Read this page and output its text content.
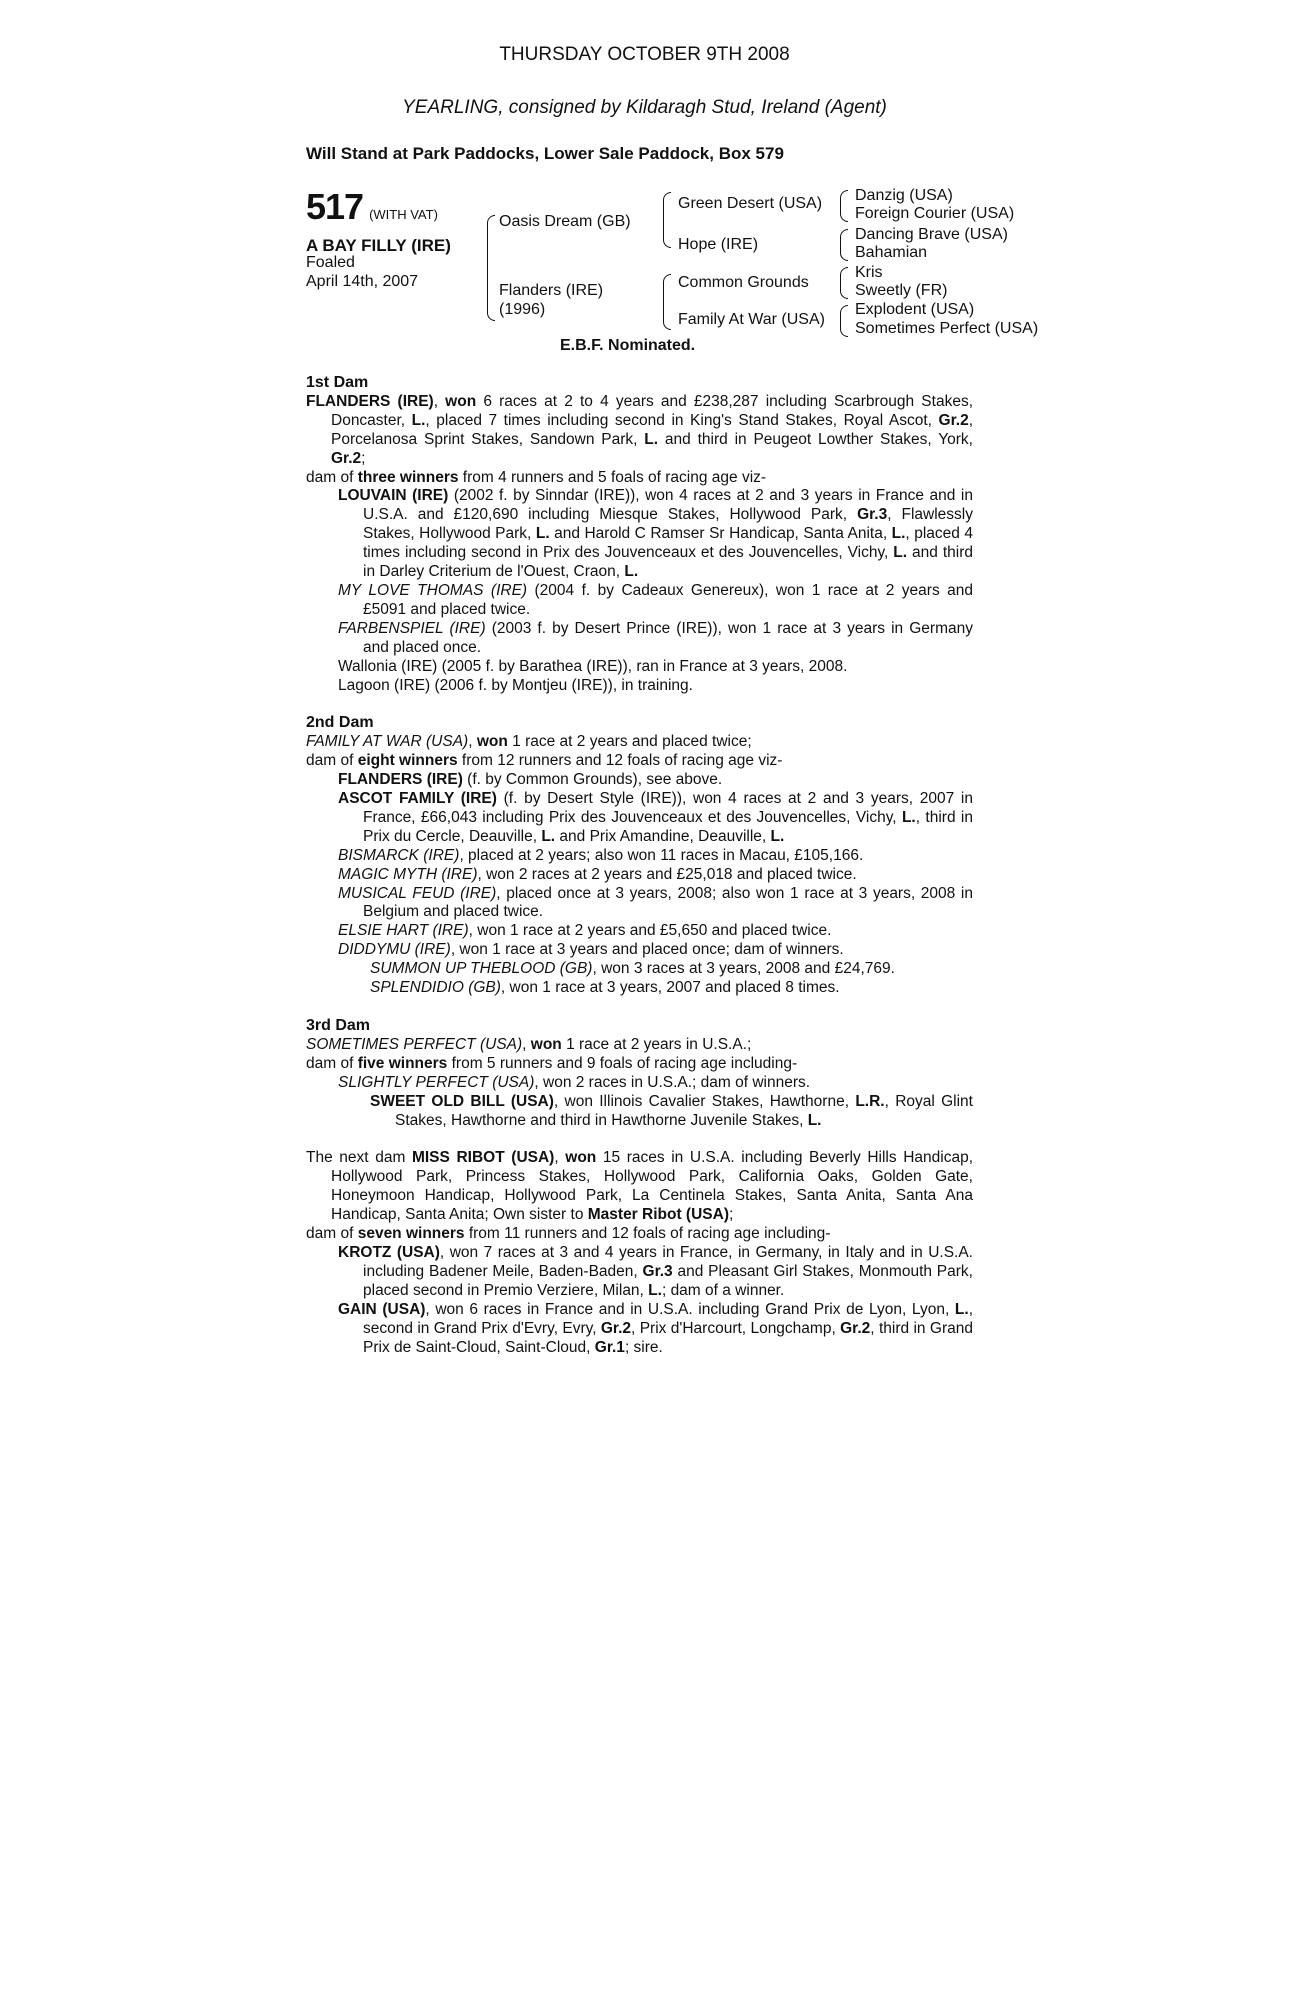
THURSDAY OCTOBER 9TH 2008
YEARLING, consigned by Kildaragh Stud, Ireland (Agent)
Will Stand at Park Paddocks, Lower Sale Paddock, Box 579
517 (WITH VAT)
A BAY FILLY (IRE)
Foaled
April 14th, 2007
Oasis Dream (GB)
Flanders (IRE)
(1996)
Green Desert (USA)
Hope (IRE)
Common Grounds
Family At War (USA)
Danzig (USA)
Foreign Courier (USA)
Dancing Brave (USA)
Bahamian
Kris
Sweetly (FR)
Explodent (USA)
Sometimes Perfect (USA)
E.B.F. Nominated.
1st Dam
FLANDERS (IRE), won 6 races at 2 to 4 years and £238,287 including Scarbrough Stakes, Doncaster, L., placed 7 times including second in King's Stand Stakes, Royal Ascot, Gr.2, Porcelanosa Sprint Stakes, Sandown Park, L. and third in Peugeot Lowther Stakes, York, Gr.2;
dam of three winners from 4 runners and 5 foals of racing age viz-
LOUVAIN (IRE) (2002 f. by Sinndar (IRE)), won 4 races at 2 and 3 years in France and in U.S.A. and £120,690 including Miesque Stakes, Hollywood Park, Gr.3, Flawlessly Stakes, Hollywood Park, L. and Harold C Ramser Sr Handicap, Santa Anita, L., placed 4 times including second in Prix des Jouvenceaux et des Jouvencelles, Vichy, L. and third in Darley Criterium de l'Ouest, Craon, L.
MY LOVE THOMAS (IRE) (2004 f. by Cadeaux Genereux), won 1 race at 2 years and £5091 and placed twice.
FARBENSPIEL (IRE) (2003 f. by Desert Prince (IRE)), won 1 race at 3 years in Germany and placed once.
Wallonia (IRE) (2005 f. by Barathea (IRE)), ran in France at 3 years, 2008.
Lagoon (IRE) (2006 f. by Montjeu (IRE)), in training.
2nd Dam
FAMILY AT WAR (USA), won 1 race at 2 years and placed twice;
dam of eight winners from 12 runners and 12 foals of racing age viz-
FLANDERS (IRE) (f. by Common Grounds), see above.
ASCOT FAMILY (IRE) (f. by Desert Style (IRE)), won 4 races at 2 and 3 years, 2007 in France, £66,043 including Prix des Jouvenceaux et des Jouvencelles, Vichy, L., third in Prix du Cercle, Deauville, L. and Prix Amandine, Deauville, L.
BISMARCK (IRE), placed at 2 years; also won 11 races in Macau, £105,166.
MAGIC MYTH (IRE), won 2 races at 2 years and £25,018 and placed twice.
MUSICAL FEUD (IRE), placed once at 3 years, 2008; also won 1 race at 3 years, 2008 in Belgium and placed twice.
ELSIE HART (IRE), won 1 race at 2 years and £5,650 and placed twice.
DIDDYMU (IRE), won 1 race at 3 years and placed once; dam of winners.
SUMMON UP THEBLOOD (GB), won 3 races at 3 years, 2008 and £24,769.
SPLENDIDIO (GB), won 1 race at 3 years, 2007 and placed 8 times.
3rd Dam
SOMETIMES PERFECT (USA), won 1 race at 2 years in U.S.A.;
dam of five winners from 5 runners and 9 foals of racing age including-
SLIGHTLY PERFECT (USA), won 2 races in U.S.A.; dam of winners.
SWEET OLD BILL (USA), won Illinois Cavalier Stakes, Hawthorne, L.R., Royal Glint Stakes, Hawthorne and third in Hawthorne Juvenile Stakes, L.
The next dam MISS RIBOT (USA), won 15 races in U.S.A. including Beverly Hills Handicap, Hollywood Park, Princess Stakes, Hollywood Park, California Oaks, Golden Gate, Honeymoon Handicap, Hollywood Park, La Centinela Stakes, Santa Anita, Santa Ana Handicap, Santa Anita; Own sister to Master Ribot (USA);
dam of seven winners from 11 runners and 12 foals of racing age including-
KROTZ (USA), won 7 races at 3 and 4 years in France, in Germany, in Italy and in U.S.A. including Badener Meile, Baden-Baden, Gr.3 and Pleasant Girl Stakes, Monmouth Park, placed second in Premio Verziere, Milan, L.; dam of a winner.
GAIN (USA), won 6 races in France and in U.S.A. including Grand Prix de Lyon, Lyon, L., second in Grand Prix d'Evry, Evry, Gr.2, Prix d'Harcourt, Longchamp, Gr.2, third in Grand Prix de Saint-Cloud, Saint-Cloud, Gr.1; sire.
